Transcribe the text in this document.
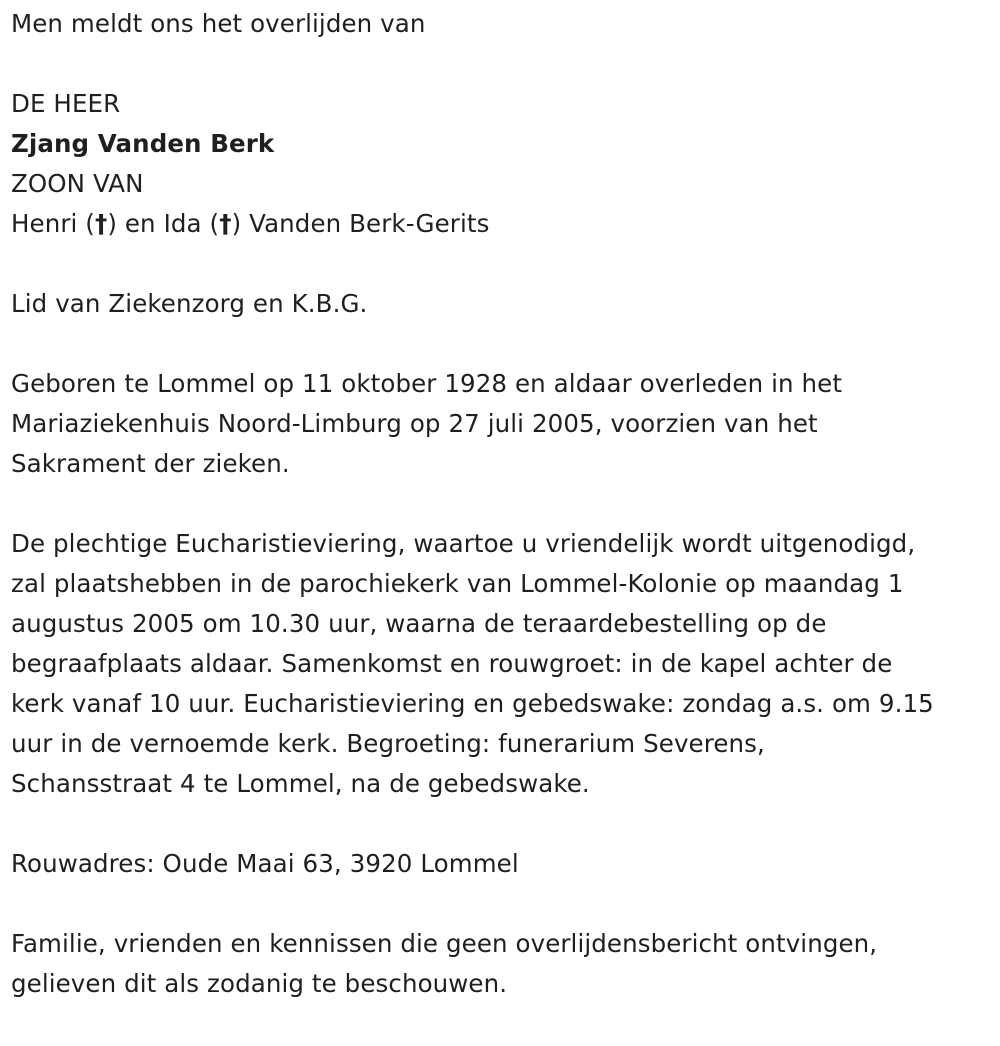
Men meldt ons het overlijden van

DE HEER

Zjang Vanden Berk

ZOON VAN

Henri (†) en Ida (†) Vanden Berk-Gerits

Lid van Ziekenzorg en K.B.G.

Geboren te Lommel op 11 oktober 1928 en aldaar overleden in het

Mariaziekenhuis Noord-Limburg op 27 juli 2005, voorzien van het

Sakrament der zieken.

De plechtige Eucharistieviering, waartoe u vriendelijk wordt uitgenodigd,

zal plaatshebben in de parochiekerk van Lommel-Kolonie op maandag 1

augustus 2005 om 10.30 uur, waarna de teraardebestelling op de

begraafplaats aldaar. Samenkomst en rouwgroet: in de kapel achter de

kerk vanaf 10 uur. Eucharistieviering en gebedswake: zondag a.s. om 9.15

uur in de vernoemde kerk. Begroeting: funerarium Severens,

Schansstraat 4 te Lommel, na de gebedswake.

Rouwadres: Oude Maai 63, 3920 Lommel

Familie, vrienden en kennissen die geen overlijdensbericht ontvingen,

gelieven dit als zodanig te beschouwen.
